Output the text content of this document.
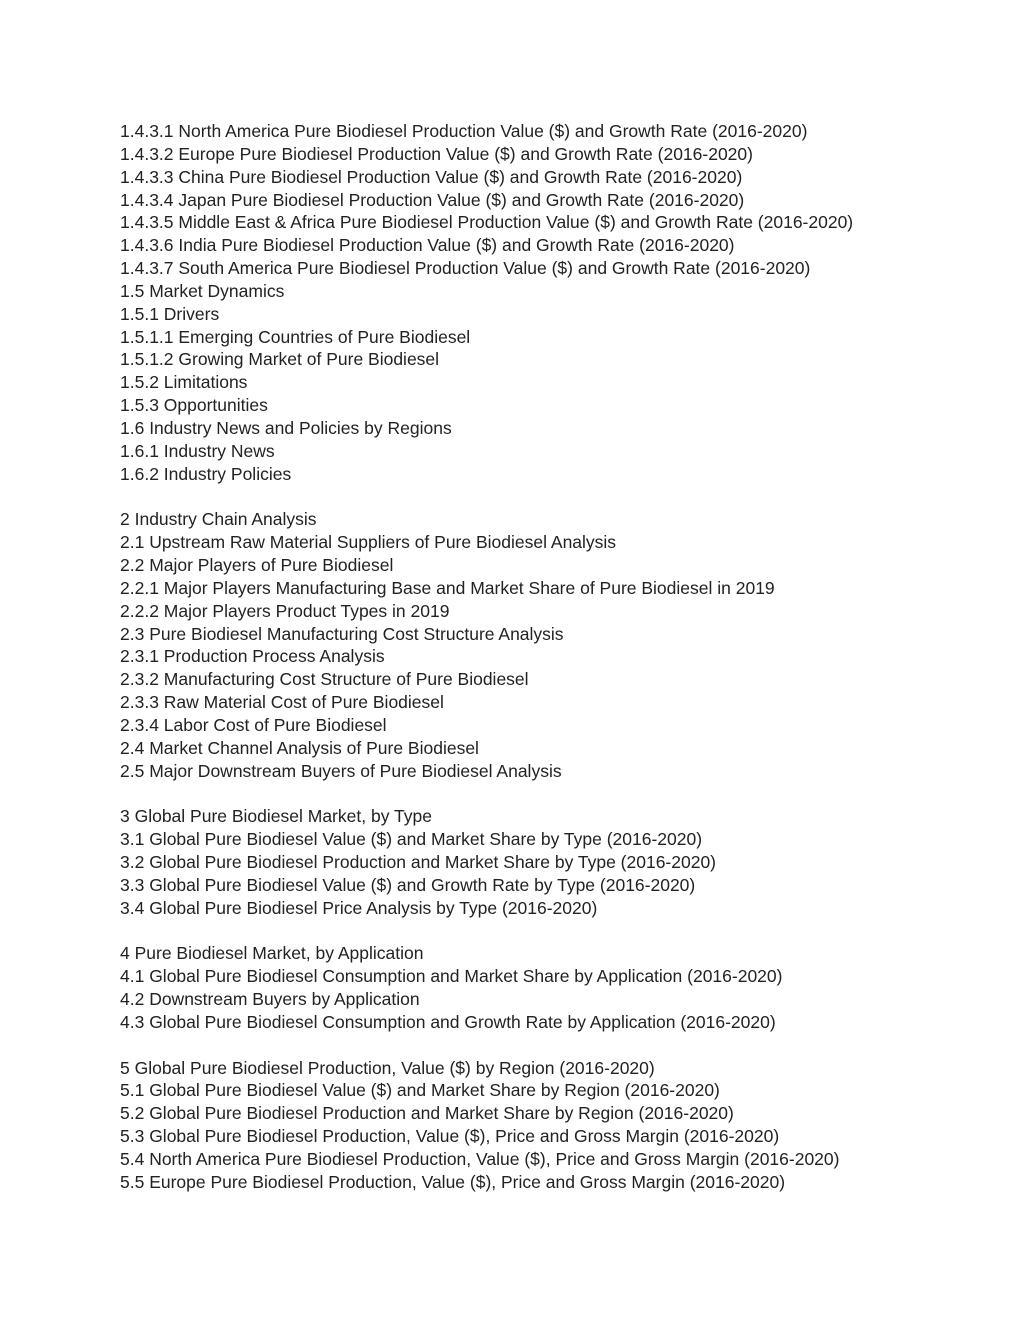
1.4.3.1 North America Pure Biodiesel Production Value ($) and Growth Rate (2016-2020)
1.4.3.2 Europe Pure Biodiesel Production Value ($) and Growth Rate (2016-2020)
1.4.3.3 China Pure Biodiesel Production Value ($) and Growth Rate (2016-2020)
1.4.3.4 Japan Pure Biodiesel Production Value ($) and Growth Rate (2016-2020)
1.4.3.5 Middle East & Africa Pure Biodiesel Production Value ($) and Growth Rate (2016-2020)
1.4.3.6 India Pure Biodiesel Production Value ($) and Growth Rate (2016-2020)
1.4.3.7 South America Pure Biodiesel Production Value ($) and Growth Rate (2016-2020)
1.5 Market Dynamics
1.5.1 Drivers
1.5.1.1 Emerging Countries of Pure Biodiesel
1.5.1.2 Growing Market of Pure Biodiesel
1.5.2 Limitations
1.5.3 Opportunities
1.6 Industry News and Policies by Regions
1.6.1 Industry News
1.6.2 Industry Policies
2 Industry Chain Analysis
2.1 Upstream Raw Material Suppliers of Pure Biodiesel Analysis
2.2 Major Players of Pure Biodiesel
2.2.1 Major Players Manufacturing Base and Market Share of Pure Biodiesel in 2019
2.2.2 Major Players Product Types in 2019
2.3 Pure Biodiesel Manufacturing Cost Structure Analysis
2.3.1 Production Process Analysis
2.3.2 Manufacturing Cost Structure of Pure Biodiesel
2.3.3 Raw Material Cost of Pure Biodiesel
2.3.4 Labor Cost of Pure Biodiesel
2.4 Market Channel Analysis of Pure Biodiesel
2.5 Major Downstream Buyers of Pure Biodiesel Analysis
3 Global Pure Biodiesel Market, by Type
3.1 Global Pure Biodiesel Value ($) and Market Share by Type (2016-2020)
3.2 Global Pure Biodiesel Production and Market Share by Type (2016-2020)
3.3 Global Pure Biodiesel Value ($) and Growth Rate by Type (2016-2020)
3.4 Global Pure Biodiesel Price Analysis by Type (2016-2020)
4 Pure Biodiesel Market, by Application
4.1 Global Pure Biodiesel Consumption and Market Share by Application (2016-2020)
4.2 Downstream Buyers by Application
4.3 Global Pure Biodiesel Consumption and Growth Rate by Application (2016-2020)
5 Global Pure Biodiesel Production, Value ($) by Region (2016-2020)
5.1 Global Pure Biodiesel Value ($) and Market Share by Region (2016-2020)
5.2 Global Pure Biodiesel Production and Market Share by Region (2016-2020)
5.3 Global Pure Biodiesel Production, Value ($), Price and Gross Margin (2016-2020)
5.4 North America Pure Biodiesel Production, Value ($), Price and Gross Margin (2016-2020)
5.5 Europe Pure Biodiesel Production, Value ($), Price and Gross Margin (2016-2020)
